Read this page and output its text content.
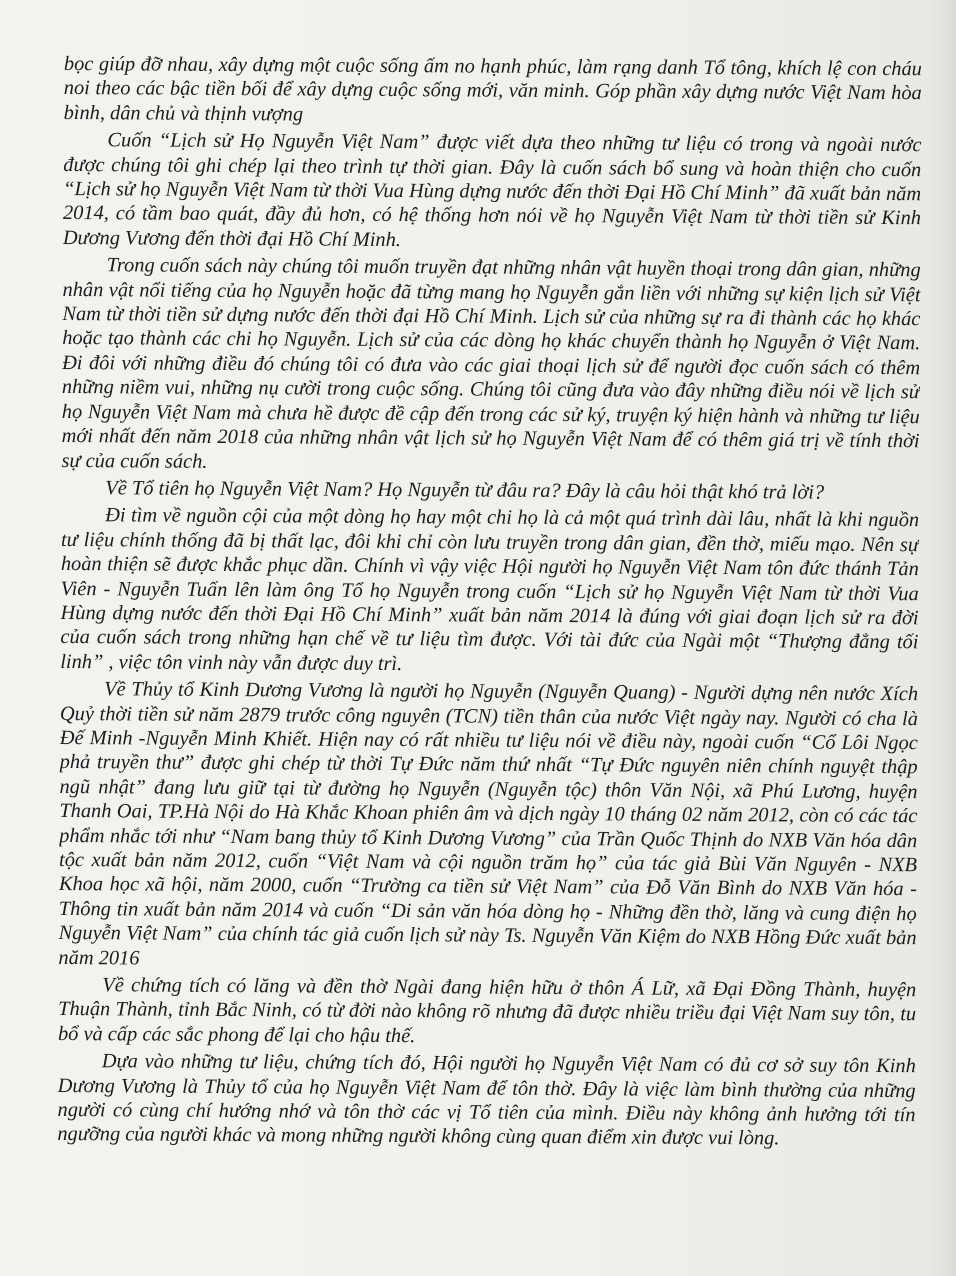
bọc giúp đỡ nhau, xây dựng một cuộc sống ấm no hạnh phúc, làm rạng danh Tổ tông, khích lệ con cháu noi theo các bậc tiền bối để xây dựng cuộc sống mới, văn minh. Góp phần xây dựng nước Việt Nam hòa bình, dân chủ và thịnh vượng

Cuốn “Lịch sử Họ Nguyễn Việt Nam” được viết dựa theo những tư liệu có trong và ngoài nước được chúng tôi ghi chép lại theo trình tự thời gian. Đây là cuốn sách bổ sung và hoàn thiện cho cuốn “Lịch sử họ Nguyễn Việt Nam từ thời Vua Hùng dựng nước đến thời Đại Hồ Chí Minh” đã xuất bản năm 2014, có tầm bao quát, đầy đủ hơn, có hệ thống hơn nói về họ Nguyễn Việt Nam từ thời tiền sử Kinh Dương Vương đến thời đại Hồ Chí Minh.

Trong cuốn sách này chúng tôi muốn truyền đạt những nhân vật huyền thoại trong dân gian, những nhân vật nổi tiếng của họ Nguyễn hoặc đã từng mang họ Nguyễn gắn liền với những sự kiện lịch sử Việt Nam từ thời tiền sử dựng nước đến thời đại Hồ Chí Minh. Lịch sử của những sự ra đi thành các họ khác hoặc tạo thành các chi họ Nguyễn. Lịch sử của các dòng họ khác chuyển thành họ Nguyễn ở Việt Nam. Đi đôi với những điều đó chúng tôi có đưa vào các giai thoại lịch sử để người đọc cuốn sách có thêm những niềm vui, những nụ cười trong cuộc sống. Chúng tôi cũng đưa vào đây những điều nói về lịch sử họ Nguyễn Việt Nam mà chưa hề được đề cập đến trong các sử ký, truyện ký hiện hành và những tư liệu mới nhất đến năm 2018 của những nhân vật lịch sử họ Nguyễn Việt Nam để có thêm giá trị về tính thời sự của cuốn sách.

Về Tổ tiên họ Nguyễn Việt Nam? Họ Nguyễn từ đâu ra? Đây là câu hỏi thật khó trả lời?

Đi tìm về nguồn cội của một dòng họ hay một chi họ là cả một quá trình dài lâu, nhất là khi nguồn tư liệu chính thống đã bị thất lạc, đôi khi chỉ còn lưu truyền trong dân gian, đền thờ, miếu mạo. Nên sự hoàn thiện sẽ được khắc phục dần. Chính vì vậy việc Hội người họ Nguyễn Việt Nam tôn đức thánh Tản Viên - Nguyễn Tuấn lên làm ông Tổ họ Nguyễn trong cuốn “Lịch sử họ Nguyễn Việt Nam từ thời Vua Hùng dựng nước đến thời Đại Hồ Chí Minh” xuất bản năm 2014 là đúng với giai đoạn lịch sử ra đời của cuốn sách trong những hạn chế về tư liệu tìm được. Với tài đức của Ngài một “Thượng đẳng tối linh” , việc tôn vinh này vẫn được duy trì.

Về Thủy tổ Kinh Dương Vương là người họ Nguyễn (Nguyễn Quang) - Người dựng nên nước Xích Quỷ thời tiền sử năm 2879 trước công nguyên (TCN) tiền thân của nước Việt ngày nay. Người có cha là Đế Minh -Nguyễn Minh Khiết. Hiện nay có rất nhiều tư liệu nói về điều này, ngoài cuốn “Cổ Lôi Ngọc phả truyền thư” được ghi chép từ thời Tự Đức năm thứ nhất “Tự Đức nguyên niên chính nguyệt thập ngũ nhật” đang lưu giữ tại từ đường họ Nguyễn (Nguyễn tộc) thôn Văn Nội, xã Phú Lương, huyện Thanh Oai, TP.Hà Nội do Hà Khắc Khoan phiên âm và dịch ngày 10 tháng 02 năm 2012, còn có các tác phẩm nhắc tới như “Nam bang thủy tổ Kinh Dương Vương” của Trần Quốc Thịnh do NXB Văn hóa dân tộc xuất bản năm 2012, cuốn “Việt Nam và cội nguồn trăm họ” của tác giả Bùi Văn Nguyên - NXB Khoa học xã hội, năm 2000, cuốn “Trường ca tiền sử Việt Nam” của Đỗ Văn Bình do NXB Văn hóa - Thông tin xuất bản năm 2014 và cuốn “Di sản văn hóa dòng họ - Những đền thờ, lăng và cung điện họ Nguyễn Việt Nam” của chính tác giả cuốn lịch sử này Ts. Nguyễn Văn Kiệm do NXB Hồng Đức xuất bản năm 2016

Về chứng tích có lăng và đền thờ Ngài đang hiện hữu ở thôn Á Lữ, xã Đại Đồng Thành, huyện Thuận Thành, tỉnh Bắc Ninh, có từ đời nào không rõ nhưng đã được nhiều triều đại Việt Nam suy tôn, tu bổ và cấp các sắc phong để lại cho hậu thế.

Dựa vào những tư liệu, chứng tích đó, Hội người họ Nguyễn Việt Nam có đủ cơ sở suy tôn Kinh Dương Vương là Thủy tổ của họ Nguyễn Việt Nam để tôn thờ. Đây là việc làm bình thường của những người có cùng chí hướng nhớ và tôn thờ các vị Tổ tiên của mình. Điều này không ảnh hưởng tới tín ngưỡng của người khác và mong những người không cùng quan điểm xin được vui lòng.
